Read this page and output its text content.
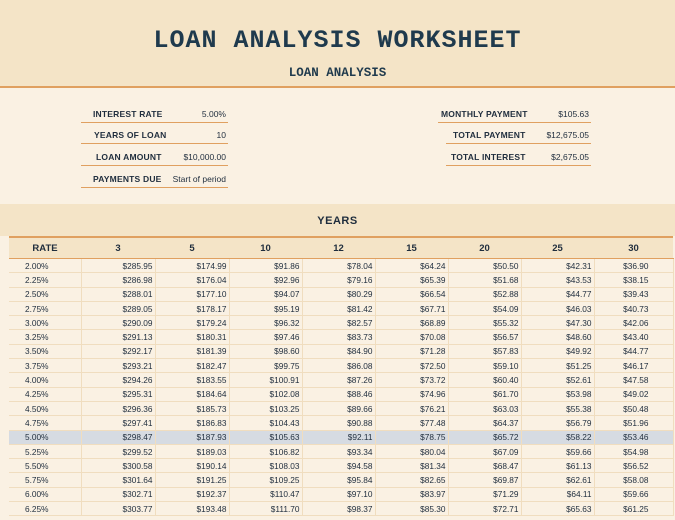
LOAN ANALYSIS WORKSHEET
LOAN ANALYSIS
INTEREST RATE	5.00%
YEARS OF LOAN	10
LOAN AMOUNT	$10,000.00
PAYMENTS DUE Start of period
MONTHLY PAYMENT	$105.63
TOTAL PAYMENT $12,675.05
TOTAL INTEREST	$2,675.05
YEARS
RATE	3	5	10	12	15	20	25	30
2.00%	$285.95	$174.99	$91.86	$78.04	$64.24	$50.50	$42.31	$36.90
2.25%	$286.98	$176.04	$92.96	$79.16	$65.39	$51.68	$43.53	$38.15
2.50%	$288.01	$177.10	$94.07	$80.29	$66.54	$52.88	$44.77	$39.43
2.75%	$289.05	$178.17	$95.19	$81.42	$67.71	$54.09	$46.03	$40.73
3.00%	$290.09	$179.24	$96.32	$82.57	$68.89	$55.32	$47.30	$42.06
3.25%	$291.13	$180.31	$97.46	$83.73	$70.08	$56.57	$48.60	$43.40
3.50%	$292.17	$181.39	$98.60	$84.90	$71.28	$57.83	$49.92	$44.77
3.75%	$293.21	$182.47	$99.75	$86.08	$72.50	$59.10	$51.25	$46.17
4.00%	$294.26	$183.55	$100.91	$87.26	$73.72	$60.40	$52.61	$47.58
4.25%	$295.31	$184.64	$102.08	$88.46	$74.96	$61.70	$53.98	$49.02
4.50%	$296.36	$185.73	$103.25	$89.66	$76.21	$63.03	$55.38	$50.48
4.75%	$297.41	$186.83	$104.43	$90.88	$77.48	$64.37	$56.79	$51.96
5.00%	$298.47	$187.93	$105.63	$92.11	$78.75	$65.72	$58.22	$53.46
5.25%	$299.52	$189.03	$106.82	$93.34	$80.04	$67.09	$59.66	$54.98
5.50%	$300.58	$190.14	$108.03	$94.58	$81.34	$68.47	$61.13	$56.52
5.75%	$301.64	$191.25	$109.25	$95.84	$82.65	$69.87	$62.61	$58.08
6.00%	$302.71	$192.37	$110.47	$97.10	$83.97	$71.29	$64.11	$59.66
6.25%	$303.77	$193.48	$111.70	$98.37	$85.30	$72.71	$65.63	$61.25
